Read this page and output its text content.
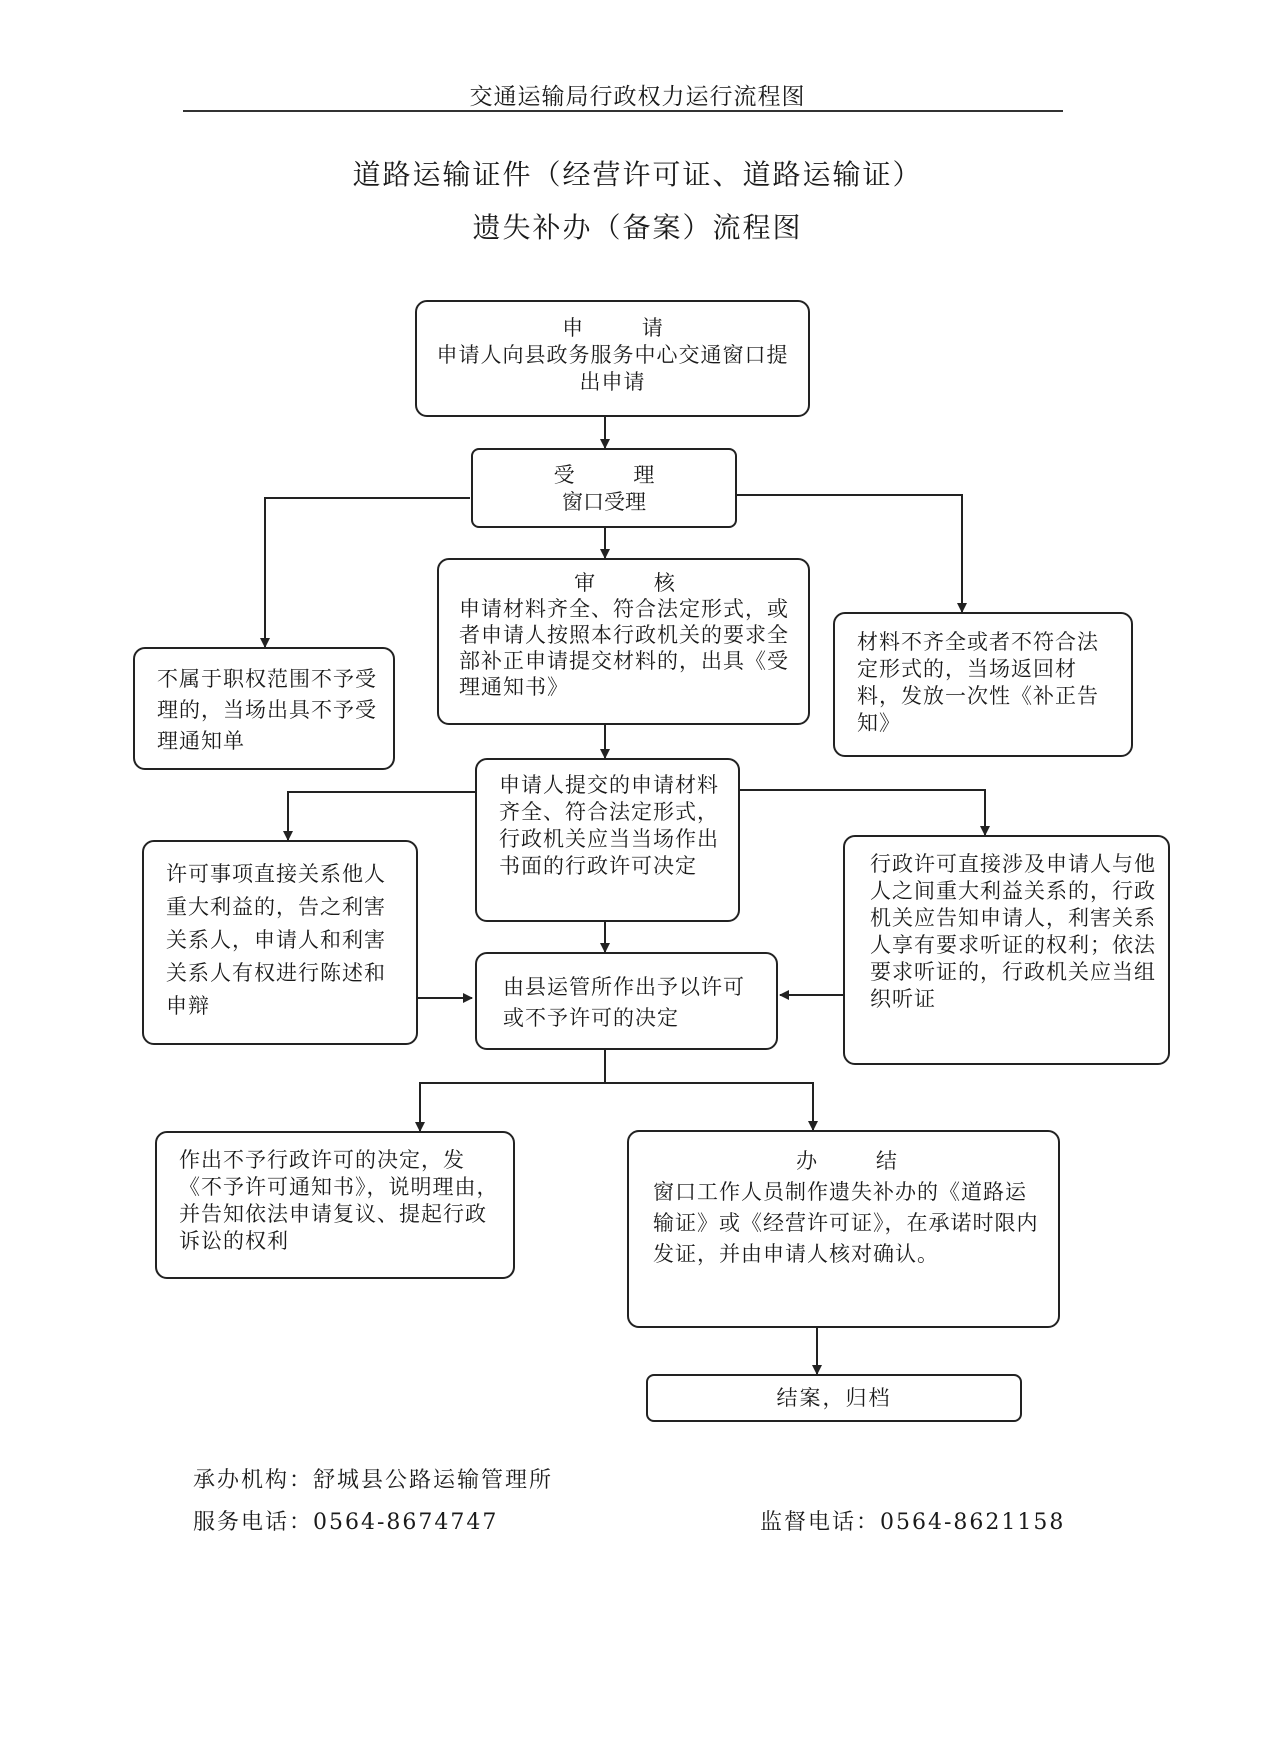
交通运输局行政权力运行流程图
道路运输证件（经营许可证、道路运输证）
遗失补办（备案）流程图
申 请
申请人向县政务服务中心交通窗口提出申请
受 理
窗口受理
审 核
申请材料齐全、符合法定形式，或者申请人按照本行政机关的要求全部补正申请提交材料的，出具《受理通知书》
不属于职权范围不予受理的，当场出具不予受理通知单
材料不齐全或者不符合法定形式的，当场返回材料，发放一次性《补正告知》
申请人提交的申请材料齐全、符合法定形式，行政机关应当当场作出书面的行政许可决定
许可事项直接关系他人重大利益的，告之利害关系人，申请人和利害关系人有权进行陈述和申辩
行政许可直接涉及申请人与他人之间重大利益关系的，行政机关应告知申请人，利害关系人享有要求听证的权利；依法要求听证的，行政机关应当组织听证
由县运管所作出予以许可或不予许可的决定
作出不予行政许可的决定，发《不予许可通知书》，说明理由，并告知依法申请复议、提起行政诉讼的权利
办 结
窗口工作人员制作遗失补办的《道路运输证》或《经营许可证》，在承诺时限内发证，并由申请人核对确认。
结案，归档
承办机构：舒城县公路运输管理所
服务电话：0564-8674747	监督电话：0564-8621158
